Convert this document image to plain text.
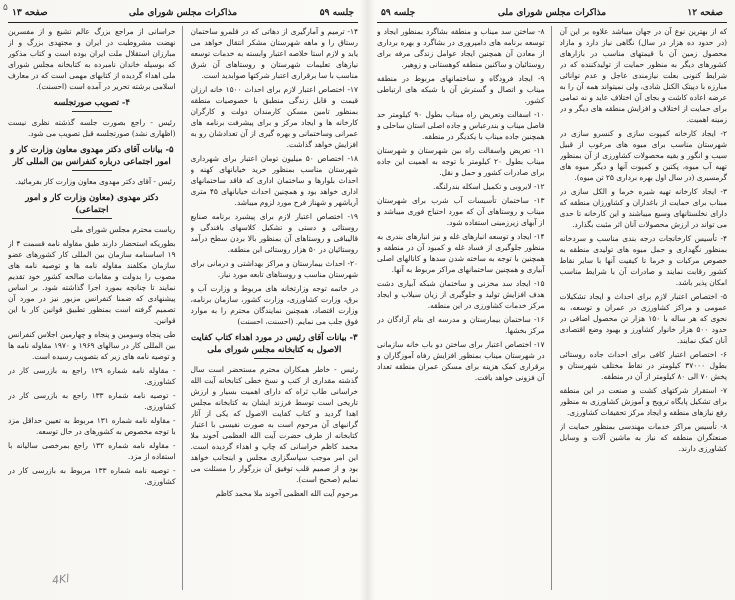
جلسه ۵۹
مذاکرات مجلس شورای ملی
صفحه ۱۳
۱۴- ترمیم و آمارگیری از دهاتی که در قلمرو ساختمان رستاق را و ماهه شهرستان مشکر انتقال خواهد می یابد و لازم استا خلاصه اعتبار وابسته به خدمات توسعه نیازهای تعلیمات شهرستان و روستاهای آن شرق مناسب با سا برقراری اعتبار شرکتها صوابدید است.
۱۷- اختصاص اعتبار لازم برای احداث ۱۵۰۰ خانه ارزان قیمت و قابل زندگی منطبق با خصوصیات منطقه بمنظور تامین مسکن کارمندان دولت و کارگران کارخانه ها و ایجاد مرکز و برای پیشرفت برنامه های عمرانی وساختمانی و بهره گیری از آن تعدادشان رو به افزایش خواهد گذاشت.
۱۸- اختصاص ۵۰ میلیون تومان اعتبار برای شهرداری شهرستان مناسب بمنظور خرید خیابانهای کهنه و احداث بلوارها و ساختمان اداری که فاقد ساختمانهای اداری خواهد بود و همچنین احداث خیابانهای ۴۵ متری آریاشهر و شهناز فرح مورد لزوم میباشد.
۱۹- اختصاص اعتبار لازم برای پیشبرد برنامه صنایع روستائی و دستی و تشکیل کلاسهای بافندگی و قالیبافی و روستاهای آن بمنظور بالا بردن سطح درآمد روستائیان در ۵۰ هزار روستائی این منطقه.
۲۰- احداث بیمارستان و مراکز بهداشتی و درمانی برای شهرستان مناسب و روستاهای تابعه مورد نیاز.
در خاتمه توجه وزارتخانه های مربوط و وزارت آب و برق، وزارت کشاورزی، وزارت کشور، سازمان برنامه، وزارت اقتصاد، همچنین نمایندگان محترم را به موارد فوق جلب می نمایم. (احسنت، احسنت)
۳- بیانات آقای رئیس در مورد اهداء کتاب کفایت الاصول به کتابخانه مجلس شورای ملی
رئیس - خاطر همکاران محترم مستحضر است سال گذشته مقداری از کتب و نسخ خطی کتابخانه آیت الله خراسانی طاب ثراه که دارای اهمیت بسیار و ارزش تاریخی است توسط فرزند ایشان به کتابخانه مجلس اهدا گردید و کتاب کفایت الاصول که یکی از آثار گرانبهای آن مرحوم است به صورت نفیسی با اعتبار کتابخانه از طرف حضرت آیت الله العظمی آخوند ملا محمد کاظم خراسانی که چاپ و اهداء گردیده است. این امر موجب سپاسگزاری مجلس و اینجانب خواهد بود و از صمیم قلب توفیق آن بزرگوار را مسئلت می نمایم (صحیح است).
مرحوم آیت الله العظمی آخوند ملا محمد کاظم
خراسانی از مراجع بزرگ عالم تشیع و از مفسرین نهضت مشروطیت در ایران و مجتهدی بزرگ و از مبارزان استقلال ملت ایران بوده است و کتاب مذکور که بوسیله خاندان نامبرده به کتابخانه مجلس شورای ملی اهداء گردیده از کتابهای مهمی است که در معارف اسلامی برشته تحریر در آمده است (احسنت).
۴- تصویب صورتجلسه
رئیس - راجع بصورت جلسه گذشته نظری نیست (اظهاری نشد) صورتجلسه قبل تصویب می شود.
۵- بیانات آقای دکتر مهدوی معاون وزارت کار و امور اجتماعی درباره کنفرانس بین المللی کار
رئیس - آقای دکتر مهدوی معاون وزارت کار بفرمائید.
دکتر مهدوی (معاون وزارت کار و امور اجتماعی)
ریاست محترم مجلس شورای ملی
بطوریکه استحضار دارند طبق مقاوله نامه قسمت ۴ از ۱۹ اساسنامه سازمان بین المللی کار کشورهای عضو سازمان مکلفند مقاوله نامه ها و توصیه نامه های مصوب را بدولت و مقامات صالحه کشور خود تقدیم نمایند تا چنانچه بمورد اجرا گذاشته شود. بر اساس پیشنهادی که ضمنا کنفرانس مزبور نیز در مورد آن تصمیم گرفته است بمنظور تطبیق قوانین کار با این قوانین.
طی پنجاه وسومین و پنجاه و چهارمین اجلاس کنفرانس بین المللی کار در سالهای ۱۹۶۹ و ۱۹۷۰ مقاوله نامه ها و توصیه نامه های زیر که بتصویب رسیده است.
- مقاوله نامه شماره ۱۲۹ راجع به بازرسی کار در کشاورزی.
- توصیه نامه شماره ۱۳۳ راجع به بازرسی کار در کشاورزی.
- مقاوله نامه شماره ۱۳۱ مربوط به تعیین حداقل مزد با توجه مخصوص به کشورهای در حال توسعه.
- مقاوله نامه شماره ۱۳۲ راجع بمرخصی سالیانه با استفاده از مزد.
- توصیه نامه شماره ۱۳۳ مربوط به بازرسی کار در کشاورزی.
4Kl
صفحه ۱۲
مذاکرات مجلس شورای ملی
جلسه ۵۹
که از بهترین نوع آن در جهان میباشد علاوه بر این آن (در حدود ده هزار در سال) نگاهی نیاز دارد و مازاد محصول زمین آن با قیمتهای مناسب در بازارهای کشورهای دیگر به منظور حمایت از تولیدکننده که در شرایط کنونی بعلت نیازمندی عاجل و عدم توانائی مبارزه با دپیتک الکنل شادی، ولی نمیتواند همه آن را به عرضه اعاده کاشت و بجای آن اختلاف عاید و نه تمامی برای حمایت از اختلاف و افزایش منطقه های دیگر و در زمینه اهمیت.
۲- ایجاد کارخانه کمپوت سازی و کنسرو سازی در شهرستان مناسب برای میوه های مرغوب از قبیل سیب و انگور و بقیه محصولات کشاورزی از آن بمنظور تهیه آب میوه، پکتین و کمپوت آنها و دیگر میوه های گرمسیری (در سال اول بهره برداری ۲۵ تن میوه).
۳- ایجاد کارخانه تهیه شیره خرما و الکل سازی در مبناب برای حمایت از باغداران و کشاورزان منطقه که دارای نخلستانهای وسیع میباشند و این کارخانه تا حدی می تواند در ارزش محصولات آنان اثر مثبت بگذارد.
۴- تأسیس کارخانجات درجه بندی مناسب و سردخانه بمنظور نگهداری و حمل میوه های تولیدی منطقه به خصوص مرکبات و خرما تا کیفیت آنها با سایر نقاط کشور رقابت نمایند و صادرات آن با شرایط مناسب امکان پذیر باشد.
۵- اختصاص اعتبار لازم برای احداث و ایجاد تشکیلات عمومی و مراکز کشاورزی در عمران و توسعه، به نحوی که هر ساله با ۱۵۰ هزار تن محصول اضافی در حدود ۵۰۰ هزار خانوار کشاورز و بهبود وضع اقتصادی آنان کمک نمایند.
۶- اختصاص اعتبار کافی برای احداث جاده روستائی بطول ۳۷۰۰۰ کیلومتر در نقاط مختلف شهرستان و پخش ۷۰ الی ۸۰ کیلومتر از آن در منطقه.
۷- استقرار شرکتهای کشت و صنعت در این منطقه برای تشکیل پایگاه ترویج و آموزش کشاورزی به منظور رفع نیازهای منطقه و ایجاد مرکز تحقیقات کشاورزی.
۸- تأسیس مراکز خدمات مهندسی بمنظور حمایت از صنعتگران منطقه که نیاز به ماشین آلات و وسایل کشاورزی دارند.
۸- ساختن سد میناب و منطقه بشاگرد بمنظور ایجاد و توسعه برنامه های دامپروری در بشاگرد و بهره برداری از معادن آن همچنین ایجاد عوامل زندگی مرفه برای روستائیان و ساکنین منطقه کوهستانی و زوهیر.
۹- ایجاد فرودگاه و ساختمانهای مربوط در منطقه میناب و اتصال و گسترش آن با شبکه های ارتباطی کشور.
۱۰- اسفالت وتعریض راه میناب بطول ۹۰ کیلومتر حد فاصل میناب و بندرعباس و جاده اصلی استان ساحلی و همچنین جاده میناب با یکدیگر در منطقه.
۱۱- تعریض واسفالت راه بین شهرستان و شهرستان میناب بطول ۲۰ کیلومتر با توجه به اهمیت این جاده برای صادرات کشور و حمل و نقل.
۱۲- لایروبی و تکمیل اسکله بندرلنگه.
۱۳- ساختمان تأسیسات آب شرب برای شهرستان میناب و روستاهای آن که مورد احتیاج فوری میباشد و از آبهای زیرزمینی استفاده شود.
۱۴- ایجاد و توسعه انبارهای غله و نیز انبارهای بندری به منظور جلوگیری از فساد غله و کمبود آن در منطقه و همچنین با توجه به ساخته شدن سدها و کانالهای اصلی آبیاری و همچنین ساختمانهای مراکز مربوط به آنها.
۱۵- ایجاد سد مخزنی و ساختمان شبکه آبیاری دشت هدف افزایش تولید و جلوگیری از زیان سیلاب و ایجاد مرکز خدمات کشاورزی در این منطقه.
۱۶- ساختمان بیمارستان و مدرسه ای بنام آزادگان در مرکز بخشها.
۱۷- اختصاص اعتبار برای ساختن دو باب خانه سازمانی در شهرستان میناب بمنظور افزایش رفاه آموزگاران و برقراری کمک هزینه برای مسکن عمران منطقه تعداد آن فزونی خواهد یافت.
۵
